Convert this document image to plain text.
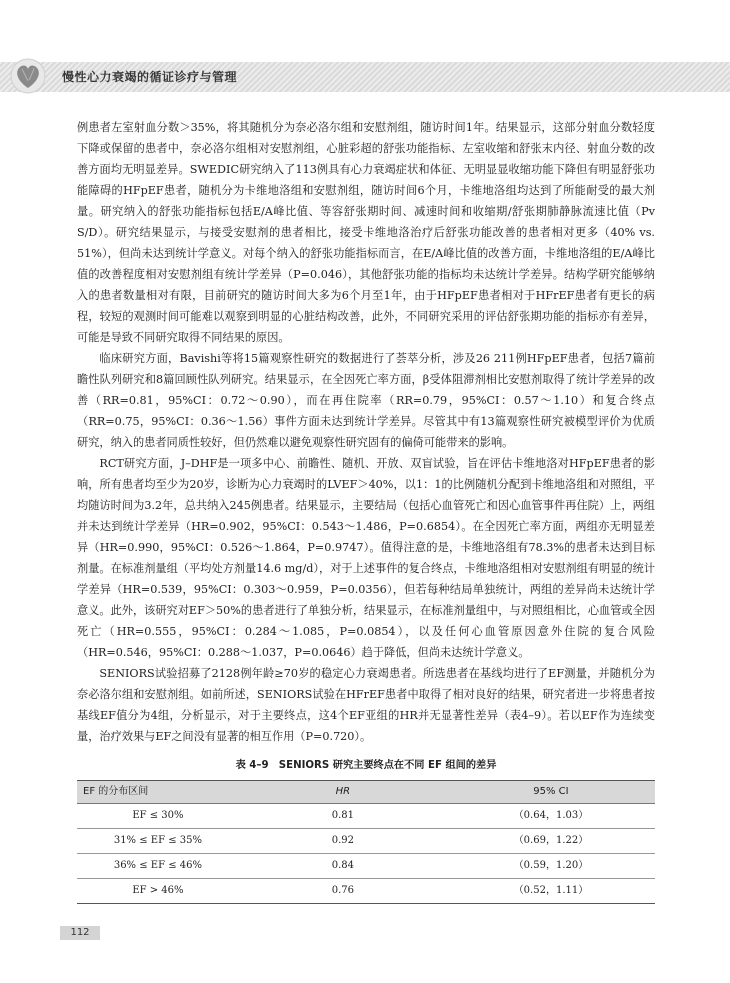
慢性心力衰竭的循证诊疗与管理

例患者左室射血分数＞35%，将其随机分为奈必洛尔组和安慰剂组，随访时间1年。结果显示，这部分射血分数轻度下降或保留的患者中，奈必洛尔组相对安慰剂组，心脏彩超的舒张功能指标、左室收缩和舒张末内径、射血分数的改善方面均无明显差异。SWEDIC研究纳入了113例具有心力衰竭症状和体征、无明显显收缩功能下降但有明显舒张功能障碍的HFpEF患者，随机分为卡维地洛组和安慰剂组，随访时间6个月，卡维地洛组均达到了所能耐受的最大剂量。研究纳入的舒张功能指标包括E/A峰比值、等容舒张期时间、减速时间和收缩期/舒张期肺静脉流速比值（Pv S/D）。研究结果显示，与接受安慰剂的患者相比，接受卡维地洛治疗后舒张功能改善的患者相对更多（40% vs. 51%），但尚未达到统计学意义。对每个纳入的舒张功能指标而言，在E/A峰比值的改善方面，卡维地洛组的E/A峰比值的改善程度相对安慰剂组有统计学差异（P=0.046），其他舒张功能的指标均未达统计学差异。结构学研究能够纳入的患者数量相对有限，目前研究的随访时间大多为6个月至1年，由于HFpEF患者相对于HFrEF患者有更长的病程，较短的观测时间可能难以观察到明显的心脏结构改善，此外，不同研究采用的评估舒张期功能的指标亦有差异，可能是导致不同研究取得不同结果的原因。

临床研究方面，Bavishi等将15篇观察性研究的数据进行了荟萃分析，涉及26 211例HFpEF患者，包括7篇前瞻性队列研究和8篇回顾性队列研究。结果显示，在全因死亡率方面，β受体阻滞剂相比安慰剂取得了统计学差异的改善（RR=0.81，95%CI：0.72～0.90），而在再住院率（RR=0.79，95%CI：0.57～1.10）和复合终点（RR=0.75，95%CI：0.36～1.56）事件方面未达到统计学差异。尽管其中有13篇观察性研究被模型评价为优质研究，纳入的患者同质性较好，但仍然难以避免观察性研究固有的偏倚可能带来的影响。

RCT研究方面，J–DHF是一项多中心、前瞻性、随机、开放、双盲试验，旨在评估卡维地洛对HFpEF患者的影响，所有患者均至少为20岁，诊断为心力衰竭时的LVEF＞40%，以1：1的比例随机分配到卡维地洛组和对照组，平均随访时间为3.2年，总共纳入245例患者。结果显示，主要结局（包括心血管死亡和因心血管事件再住院）上，两组并未达到统计学差异（HR=0.902，95%CI：0.543～1.486，P=0.6854）。在全因死亡率方面，两组亦无明显差异（HR=0.990，95%CI：0.526～1.864，P=0.9747）。值得注意的是，卡维地洛组有78.3%的患者未达到目标剂量。在标准剂量组（平均处方剂量14.6 mg/d），对于上述事件的复合终点，卡维地洛组相对安慰剂组有明显的统计学差异（HR=0.539，95%CI：0.303～0.959，P=0.0356），但若每种结局单独统计，两组的差异尚未达统计学意义。此外，该研究对EF＞50%的患者进行了单独分析，结果显示，在标准剂量组中，与对照组相比，心血管或全因死亡（HR=0.555，95%CI：0.284～1.085，P=0.0854），以及任何心血管原因意外住院的复合风险（HR=0.546，95%CI：0.288～1.037，P=0.0646）趋于降低，但尚未达统计学意义。

SENIORS试验招募了2128例年龄≥70岁的稳定心力衰竭患者。所选患者在基线均进行了EF测量，并随机分为奈必洛尔组和安慰剂组。如前所述，SENIORS试验在HFrEF患者中取得了相对良好的结果，研究者进一步将患者按基线EF值分为4组，分析显示，对于主要终点，这4个EF亚组的HR并无显著性差异（表4–9）。若以EF作为连续变量，治疗效果与EF之间没有显著的相互作用（P=0.720）。

表 4–9　SENIORS 研究主要终点在不同 EF 组间的差异
EF 的分布区间	HR	95% CI
EF ≤ 30%	0.81	（0.64，1.03）
31% ≤ EF ≤ 35%	0.92	（0.69，1.22）
36% ≤ EF ≤ 46%	0.84	（0.59，1.20）
EF > 46%	0.76	（0.52，1.11）
112
